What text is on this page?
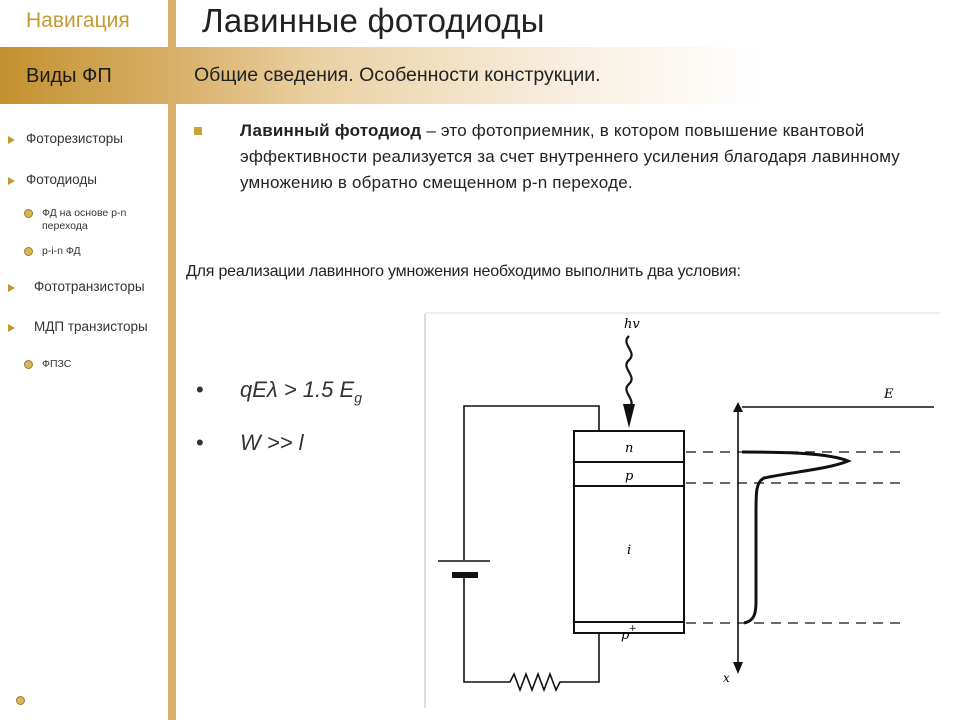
Навигация
Виды ФП	Общие сведения. Особенности конструкции.
Лавинные фотодиоды
Фоторезисторы
Фотодиоды
ФД на основе p-n
перехода
p-i-n ФД
Фототранзисторы
МДП транзисторы
ФПЗС
Лавинный фотодиод – это фотоприемник, в котором повышение квантовой эффективности реализуется за счет внутреннего усиления благодаря лавинному умножению в обратно смещенном p-n переходе.
Для реализации лавинного умножения необходимо выполнить два условия:
• qEλ > 1.5 $E_g$
• W >> l
hv
n
p
i
p +
x
E
